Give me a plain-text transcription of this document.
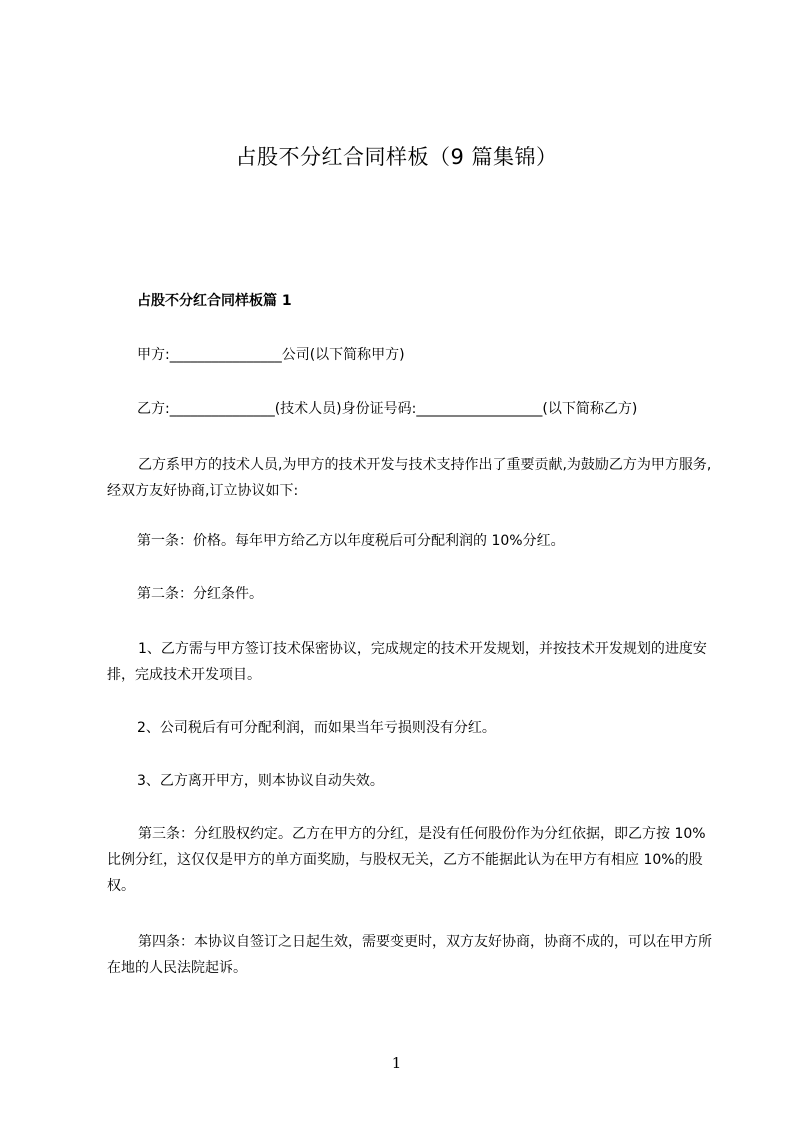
占股不分红合同样板（9 篇集锦）
占股不分红合同样板篇 1
甲方:________________公司(以下简称甲方)
乙方:_______________(技术人员)身份证号码:__________________(以下简称乙方)
乙方系甲方的技术人员,为甲方的技术开发与技术支持作出了重要贡献,为鼓励乙方为甲方服务,经双方友好协商,订立协议如下:
第一条：价格。每年甲方给乙方以年度税后可分配利润的 10%分红。
第二条：分红条件。
1、乙方需与甲方签订技术保密协议，完成规定的技术开发规划，并按技术开发规划的进度安排，完成技术开发项目。
2、公司税后有可分配利润，而如果当年亏损则没有分红。
3、乙方离开甲方，则本协议自动失效。
第三条：分红股权约定。乙方在甲方的分红，是没有任何股份作为分红依据，即乙方按 10%比例分红，这仅仅是甲方的单方面奖励，与股权无关，乙方不能据此认为在甲方有相应 10%的股权。
第四条：本协议自签订之日起生效，需要变更时，双方友好协商，协商不成的，可以在甲方所在地的人民法院起诉。
1
